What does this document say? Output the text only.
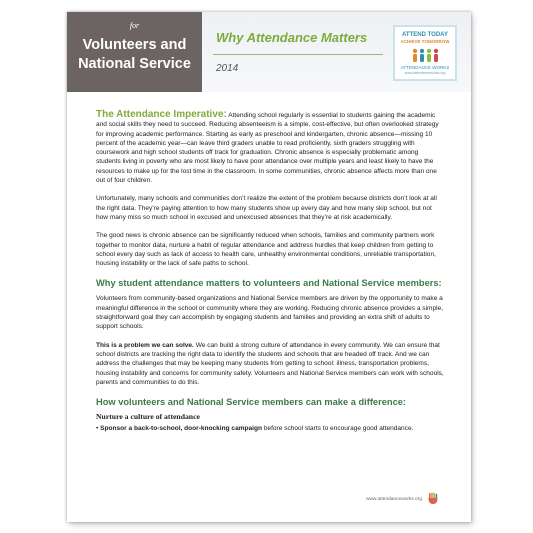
for
Volunteers and
National Service
Why Attendance Matters
2014
ATTEND TODAY
ACHIEVE TOMORROW
ATTENDANCE WORKS
www.attendanceworks.org

The Attendance Imperative: Attending school regularly is essential to students gaining the academic and social skills they need to succeed. Reducing absenteeism is a simple, cost-effective, but often overlooked strategy for improving academic performance. Starting as early as preschool and kindergarten, chronic absence—missing 10 percent of the academic year—can leave third graders unable to read proficiently, sixth graders struggling with coursework and high school students off track for graduation. Chronic absence is especially problematic among students living in poverty who are most likely to have poor attendance over multiple years and least likely to have the resources to make up for the lost time in the classroom. In some communities, chronic absence affects more than one out of four children.

Unfortunately, many schools and communities don’t realize the extent of the problem because districts don’t look at all the right data. They’re paying attention to how many students show up every day and how many skip school, but not how many miss so much school in excused and unexcused absences that they’re at risk academically.

The good news is chronic absence can be significantly reduced when schools, families and community partners work together to monitor data, nurture a habit of regular attendance and address hurdles that keep children from getting to school every day such as lack of access to health care, unhealthy environmental conditions, unreliable transportation, housing instability or the lack of safe paths to school.

Why student attendance matters to volunteers and National Service members:

Volunteers from community-based organizations and National Service members are driven by the opportunity to make a meaningful difference in the school or community where they are working. Reducing chronic absence provides a simple, straightforward goal they can accomplish by engaging students and families and providing an extra shift of adults to support schools.

This is a problem we can solve. We can build a strong culture of attendance in every community. We can ensure that school districts are tracking the right data to identify the students and schools that are headed off track. And we can address the challenges that may be keeping many students from getting to school: illness, transportation problems, housing instability and concerns for community safety. Volunteers and National Service members can work with schools, parents and communities to do this.

How volunteers and National Service members can make a difference:
Nurture a culture of attendance

• Sponsor a back-to-school, door-knocking campaign before school starts to encourage good attendance.

www.attendanceworks.org
